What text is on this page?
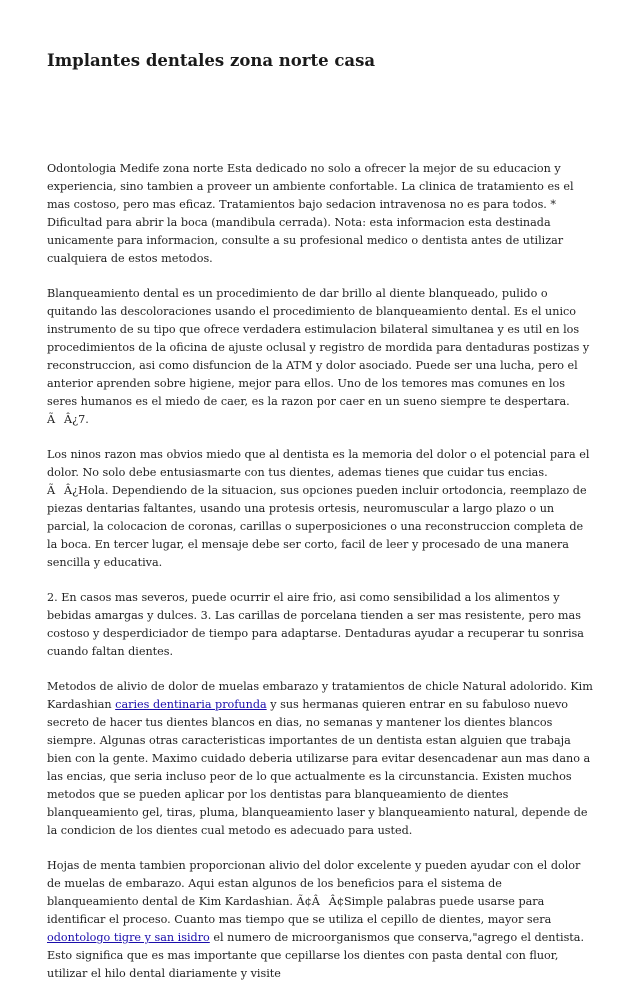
Implantes dentales zona norte casa

Odontologia Medife zona norte Esta dedicado no solo a ofrecer la mejor de su educacion y experiencia, sino tambien a proveer un ambiente confortable. La clinica de tratamiento es el mas costoso, pero mas eficaz. Tratamientos bajo sedacion intravenosa no es para todos. * Dificultad para abrir la boca (mandibula cerrada). Nota: esta informacion esta destinada unicamente para informacion, consulte a su profesional medico o dentista antes de utilizar cualquiera de estos metodos.

Blanqueamiento dental es un procedimiento de dar brillo al diente blanqueado, pulido o quitando las descoloraciones usando el procedimiento de blanqueamiento dental. Es el unico instrumento de su tipo que ofrece verdadera estimulacion bilateral simultanea y es util en los procedimientos de la oficina de ajuste oclusal y registro de mordida para dentaduras postizas y reconstruccion, asi como disfuncion de la ATM y dolor asociado. Puede ser una lucha, pero el anterior aprenden sobre higiene, mejor para ellos. Uno de los temores mas comunes en los seres humanos es el miedo de caer, es la razon por caer en un sueno siempre te despertara. ÃÂ¿7.

Los ninos razon mas obvios miedo que al dentista es la memoria del dolor o el potencial para el dolor. No solo debe entusiasmarte con tus dientes, ademas tienes que cuidar tus encias. ÃÂ¿Hola. Dependiendo de la situacion, sus opciones pueden incluir ortodoncia, reemplazo de piezas dentarias faltantes, usando una protesis ortesis, neuromuscular a largo plazo o un parcial, la colocacion de coronas, carillas o superposiciones o una reconstruccion completa de la boca. En tercer lugar, el mensaje debe ser corto, facil de leer y procesado de una manera sencilla y educativa.

2. En casos mas severos, puede ocurrir el aire frio, asi como sensibilidad a los alimentos y bebidas amargas y dulces. 3. Las carillas de porcelana tienden a ser mas resistente, pero mas costoso y desperdiciador de tiempo para adaptarse. Dentaduras ayudar a recuperar tu sonrisa cuando faltan dientes.

Metodos de alivio de dolor de muelas embarazo y tratamientos de chicle Natural adolorido. Kim Kardashian caries dentinaria profunda y sus hermanas quieren entrar en su fabuloso nuevo secreto de hacer tus dientes blancos en dias, no semanas y mantener los dientes blancos siempre. Algunas otras caracteristicas importantes de un dentista estan alguien que trabaja bien con la gente. Maximo cuidado deberia utilizarse para evitar desencadenar aun mas dano a las encias, que seria incluso peor de lo que actualmente es la circunstancia. Existen muchos metodos que se pueden aplicar por los dentistas para blanqueamiento de dientes blanqueamiento gel, tiras, pluma, blanqueamiento laser y blanqueamiento natural, depende de la condicion de los dientes cual metodo es adecuado para usted.

Hojas de menta tambien proporcionan alivio del dolor excelente y pueden ayudar con el dolor de muelas de embarazo. Aqui estan algunos de los beneficios para el sistema de blanqueamiento dental de Kim Kardashian. Ã¢ÂÂ¢Simple palabras puede usarse para identificar el proceso. Cuanto mas tiempo que se utiliza el cepillo de dientes, mayor sera odontologo tigre y san isidro el numero de microorganismos que conserva,"agrego el dentista. Esto significa que es mas importante que cepillarse los dientes con pasta dental con fluor, utilizar el hilo dental diariamente y visite
